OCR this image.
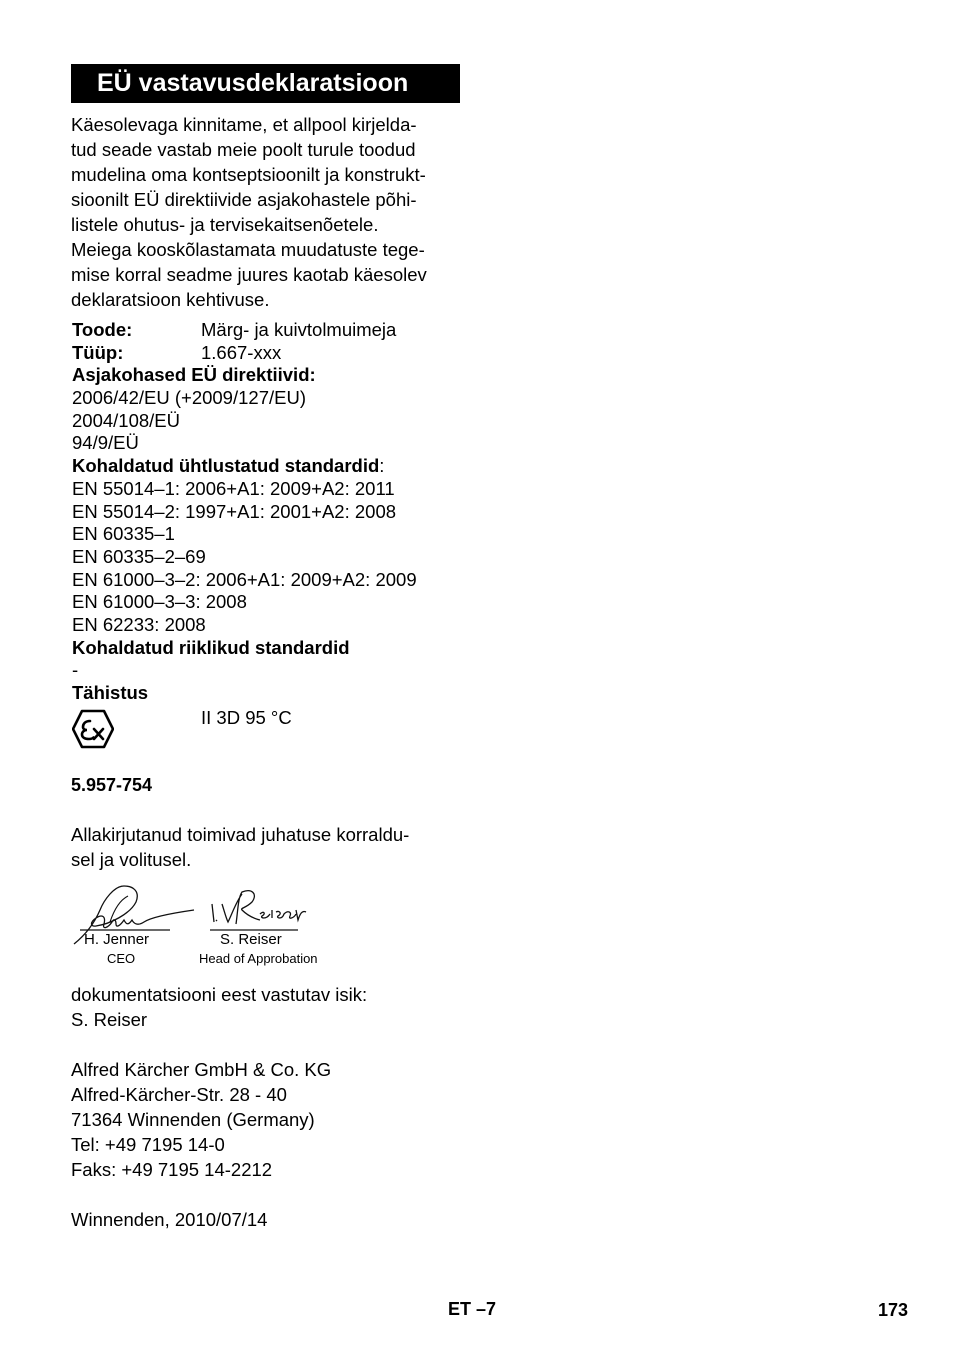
EÜ vastavusdeklaratsioon
Käesolevaga kinnitame, et allpool kirjelda-
tud seade vastab meie poolt turule toodud
mudelina oma kontseptsioonilt ja konstrukt-
sioonilt EÜ direktiivide asjakohastele põhi-
listele ohutus- ja tervisekaitsenõetele.
Meiega kooskõlastamata muudatuste tege-
mise korral seadme juures kaotab käesolev
deklaratsioon kehtivuse.
Toode:	Märg- ja kuivtolmuimeja
Tüüp:	1.667-xxx
Asjakohased EÜ direktiivid:
2006/42/EU (+2009/127/EU)
2004/108/EÜ
94/9/EÜ
Kohaldatud ühtlustatud standardid:
EN 55014–1: 2006+A1: 2009+A2: 2011
EN 55014–2: 1997+A1: 2001+A2: 2008
EN 60335–1
EN 60335–2–69
EN 61000–3–2: 2006+A1: 2009+A2: 2009
EN 61000–3–3: 2008
EN 62233: 2008
Kohaldatud riiklikud standardid
-
Tähistus
II 3D 95 °C
5.957-754
Allakirjutanud toimivad juhatuse korraldu-
sel ja volitusel.
H. Jenner
CEO
S. Reiser
Head of Approbation
dokumentatsiooni eest vastutav isik:
S. Reiser
Alfred Kärcher GmbH & Co. KG
Alfred-Kärcher-Str. 28 - 40
71364 Winnenden (Germany)
Tel: +49 7195 14-0
Faks: +49 7195 14-2212
Winnenden, 2010/07/14
ET –7	173
